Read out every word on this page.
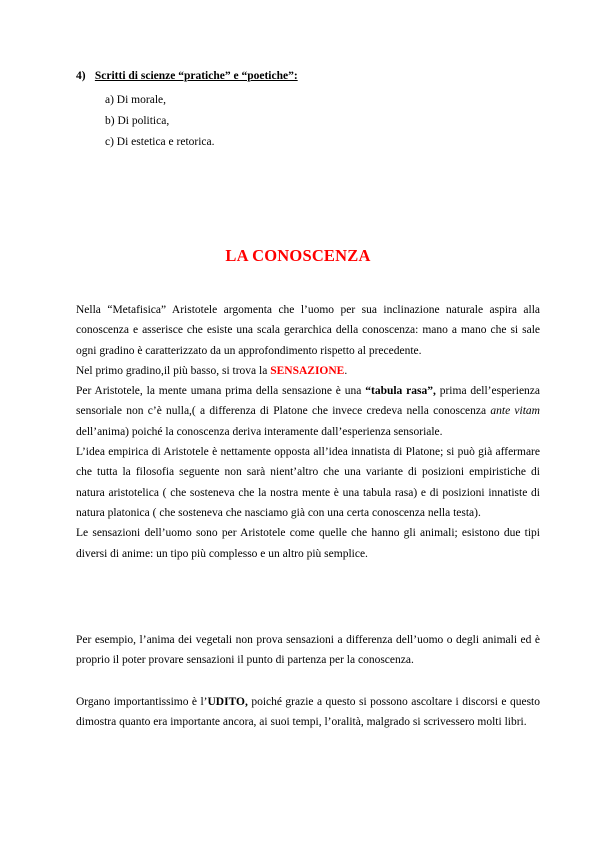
4) Scritti di scienze “pratiche” e “poetiche”:
a) Di morale,
b) Di politica,
c) Di estetica e retorica.
LA CONOSCENZA

Nella “Metafisica” Aristotele argomenta che l’uomo per sua inclinazione naturale aspira alla conoscenza e asserisce che esiste una scala gerarchica della conoscenza: mano a mano che si sale ogni gradino è caratterizzato da un approfondimento rispetto al precedente.

Nel primo gradino,il più basso, si trova la SENSAZIONE.

Per Aristotele, la mente umana prima della sensazione è una “tabula rasa”, prima dell’esperienza sensoriale non c’è nulla,( a differenza di Platone che invece credeva nella conoscenza ante vitam dell’anima) poiché la conoscenza deriva interamente dall’esperienza sensoriale.

L’idea empirica di Aristotele è nettamente opposta all’idea innatista di Platone; si può già affermare che tutta la filosofia seguente non sarà nient’altro che una variante di posizioni empiristiche di natura aristotelica ( che sosteneva che la nostra mente è una tabula rasa) e di posizioni innatiste di natura platonica ( che sosteneva che nasciamo già con una certa conoscenza nella testa).

Le sensazioni dell’uomo sono per Aristotele come quelle che hanno gli animali; esistono due tipi diversi di anime: un tipo più complesso e un altro più semplice.

Per esempio, l’anima dei vegetali non prova sensazioni a differenza dell’uomo o degli animali ed è proprio il poter provare sensazioni il punto di partenza per la conoscenza.

Organo importantissimo è l’UDITO, poiché grazie a questo si possono ascoltare i discorsi e questo dimostra quanto era importante ancora, ai suoi tempi, l’oralità, malgrado si scrivessero molti libri.
